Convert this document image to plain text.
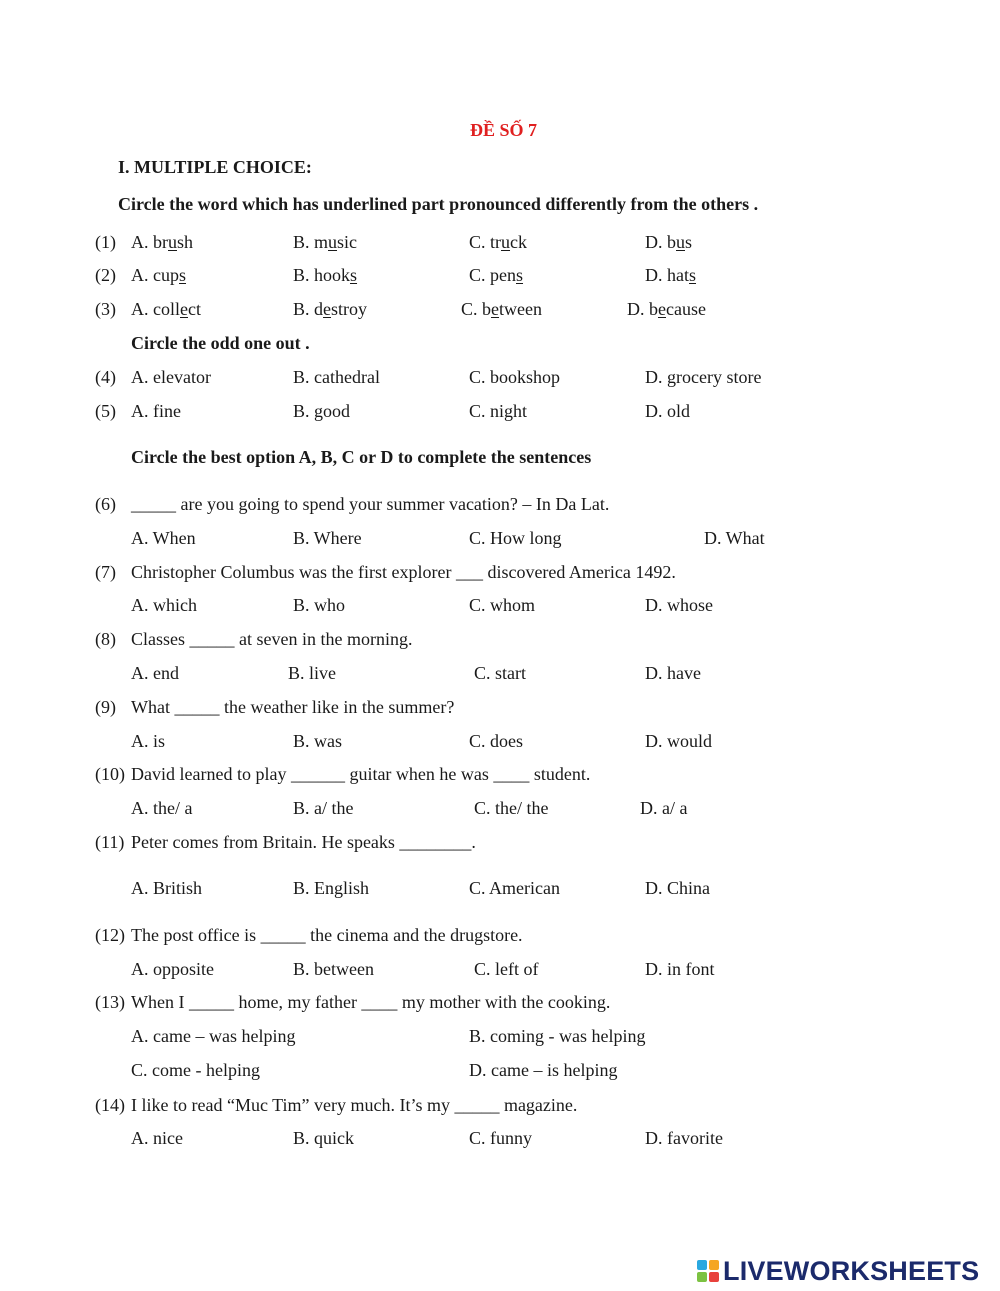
ĐỀ SỐ 7
I. MULTIPLE CHOICE:
Circle the word which has underlined part pronounced differently from the others .
(1) A. brush	B. music	C. truck	D. bus
(2) A. cups	B. hooks	C. pens	D. hats
(3) A. collect	B. destroy	C. between	D. because
Circle the odd one out .
(4) A. elevator	B. cathedral	C. bookshop	D. grocery store
(5) A. fine	B. good	C. night	D. old
Circle the best option A, B, C or D to complete the sentences
(6) _____ are you going to spend your summer vacation? – In Da Lat.
A. When	B. Where	C. How long	D. What
(7) Christopher Columbus was the first explorer ___ discovered America 1492.
A. which	B. who	C. whom	D. whose
(8) Classes _____ at seven in the morning.
A. end	B. live	C. start	D. have
(9) What _____ the weather like in the summer?
A. is	B. was	C. does	D. would
(10) David learned to play ______ guitar when he was ____ student.
A. the/ a	B. a/ the	C. the/ the	D. a/ a
(11) Peter comes from Britain. He speaks ________.
A. British	B. English	C. American	D. China
(12) The post office is _____ the cinema and the drugstore.
A. opposite	B. between	C. left of	D. in font
(13) When I _____ home, my father ____ my mother with the cooking.
A. came – was helping	B. coming - was helping
C. come - helping	D. came – is helping
(14) I like to read “Muc Tim” very much. It’s my _____ magazine.
A. nice	B. quick	C. funny	D. favorite
LIVEWORKSHEETS
